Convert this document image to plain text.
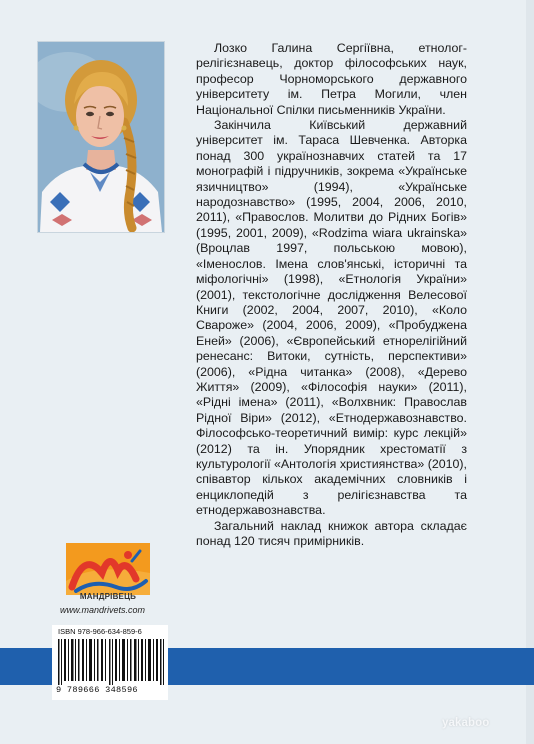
Лозко Галина Сергіївна, етнолог-релігієзнавець, доктор філософських наук, професор Чорноморського державного університету ім. Петра Могили, член Національної Спілки письменників України.

Закінчила Київський державний університет ім. Тараса Шевченка. Авторка понад 300 українознавчих статей та 17 монографій і підручників, зокрема «Українське язичництво» (1994), «Українське народознавство» (1995, 2004, 2006, 2010, 2011), «Правослов. Молитви до Рідних Богів» (1995, 2001, 2009), «Rodzima wiara ukrainska» (Вроцлав 1997, польською мовою), «Іменослов. Імена слов'янські, історичні та міфологічні» (1998), «Етнологія України» (2001), текстологічне дослідження Велесової Книги (2002, 2004, 2007, 2010), «Коло Свароже» (2004, 2006, 2009), «Пробуджена Еней» (2006), «Європейський етнорелігійний ренесанс: Витоки, сутність, перспективи» (2006), «Рідна читанка» (2008), «Дерево Життя» (2009), «Філософія науки» (2011), «Рідні імена» (2011), «Волхвник: Православ Рідної Віри» (2012), «Етнодержавознавство. Філософсько-теоретичний вимір: курс лекцій» (2012) та ін. Упорядник хрестоматії з культурології «Антологія християнства» (2010), співавтор кількох академічних словників і енциклопедій з релігієзнавства та етнодержавознавства.

Загальний наклад книжок автора складає понад 120 тисяч примірників.

МАНДРІВЕЦЬ
www.mandrivets.com
ISBN 978-966-634-859-6
9 789666 348596
yakaboo
